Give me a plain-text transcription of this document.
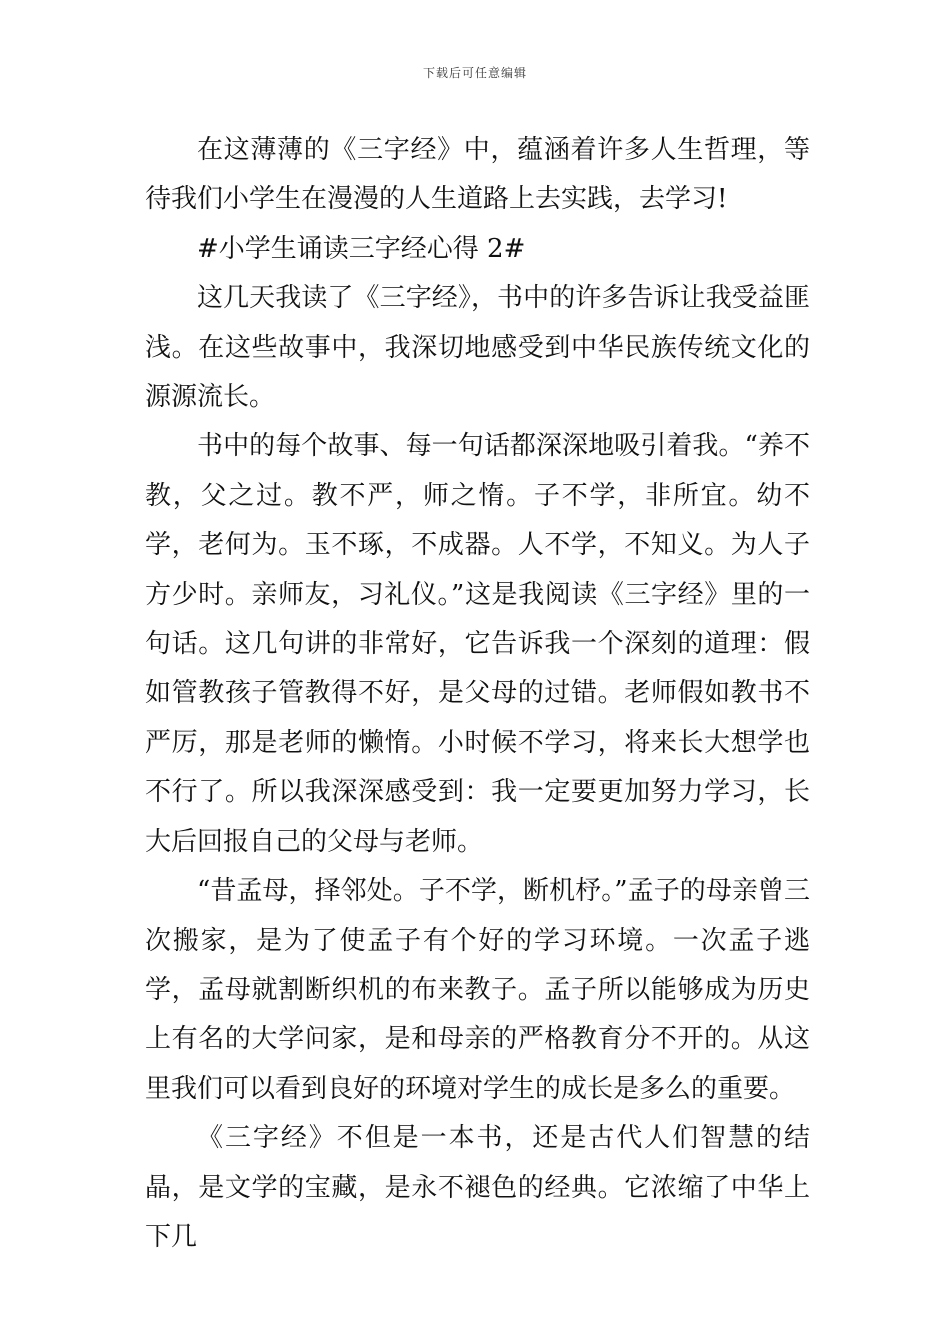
下载后可任意编辑

在这薄薄的《三字经》中，蕴涵着许多人生哲理，等待我们小学生在漫漫的人生道路上去实践，去学习!

#小学生诵读三字经心得 2#

这几天我读了《三字经》，书中的许多告诉让我受益匪浅。在这些故事中，我深切地感受到中华民族传统文化的源源流长。

书中的每个故事、每一句话都深深地吸引着我。“养不教，父之过。教不严，师之惰。子不学，非所宜。幼不学，老何为。玉不琢，不成器。人不学，不知义。为人子方少时。亲师友，习礼仪。”这是我阅读《三字经》里的一句话。这几句讲的非常好，它告诉我一个深刻的道理：假如管教孩子管教得不好，是父母的过错。老师假如教书不严厉，那是老师的懒惰。小时候不学习，将来长大想学也不行了。所以我深深感受到：我一定要更加努力学习，长大后回报自己的父母与老师。

“昔孟母，择邻处。子不学，断机杼。”孟子的母亲曾三次搬家，是为了使孟子有个好的学习环境。一次孟子逃学，孟母就割断织机的布来教子。孟子所以能够成为历史上有名的大学问家，是和母亲的严格教育分不开的。从这里我们可以看到良好的环境对学生的成长是多么的重要。

《三字经》不但是一本书，还是古代人们智慧的结晶，是文学的宝藏，是永不褪色的经典。它浓缩了中华上下几
